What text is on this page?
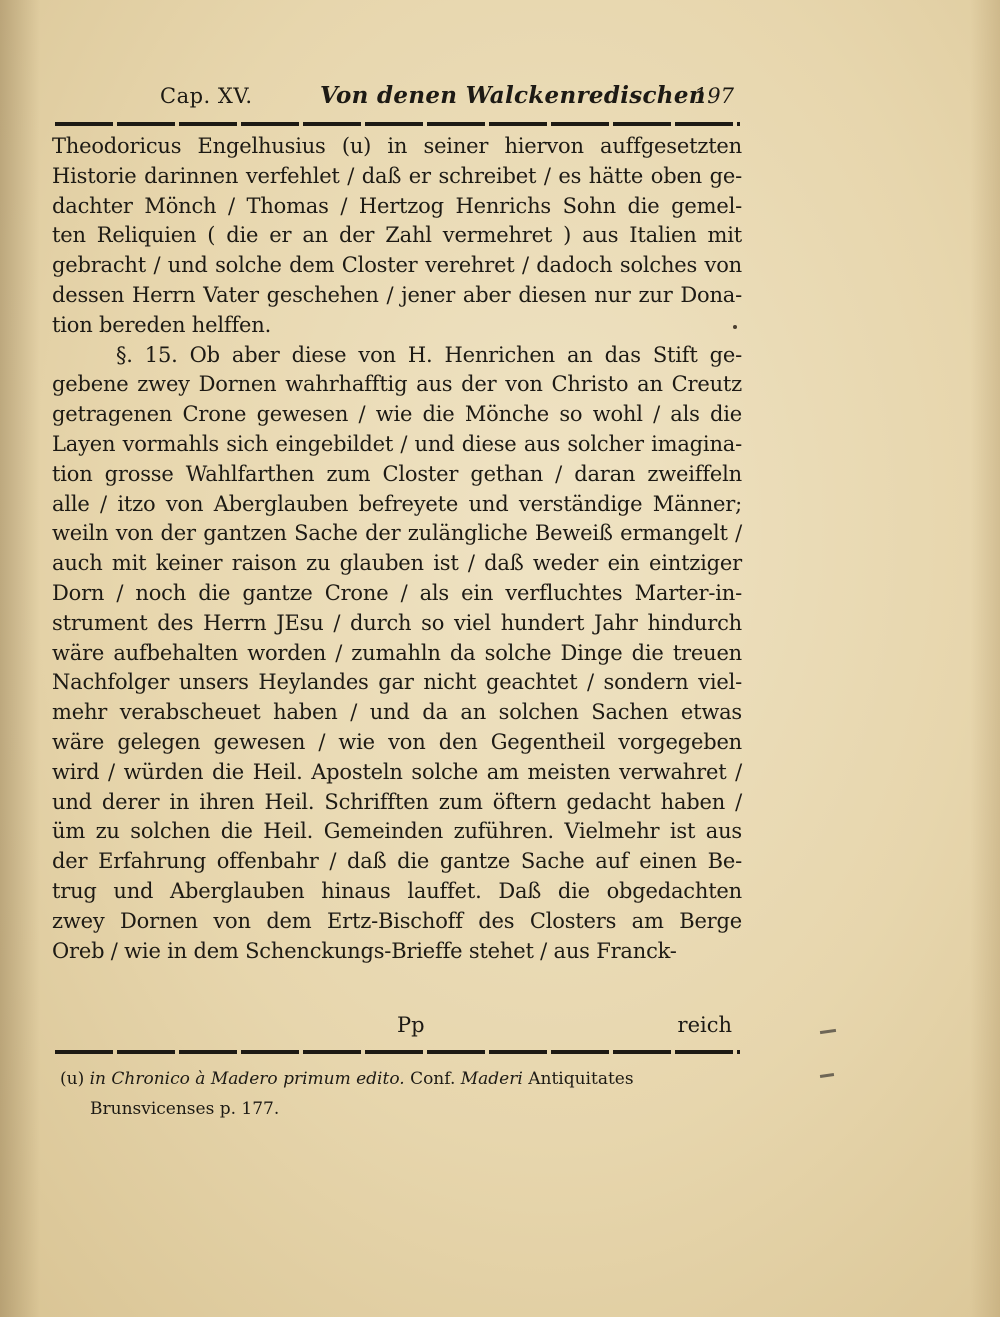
Cap. XV.	Von denen Walckenredischen
197
Theodoricus Engelhusius (u) in seiner hiervon auffgesetzten
Historie darinnen verfehlet / daß er schreibet / es hätte oben ge-
dachter Mönch / Thomas / Hertzog Henrichs Sohn die gemel-
ten Reliquien ( die er an der Zahl vermehret ) aus Italien mit
gebracht / und solche dem Closter verehret / dadoch solches von
dessen Herrn Vater geschehen / jener aber diesen nur zur Dona-
tion bereden helffen.
§. 15. Ob aber diese von H. Henrichen an das Stift ge-
gebene zwey Dornen wahrhafftig aus der von Christo an Creutz
getragenen Crone gewesen / wie die Mönche so wohl / als die
Layen vormahls sich eingebildet / und diese aus solcher imagina-
tion grosse Wahlfarthen zum Closter gethan / daran zweiffeln
alle / itzo von Aberglauben befreyete und verständige Männer;
weiln von der gantzen Sache der zulängliche Beweiß ermangelt /
auch mit keiner raison zu glauben ist / daß weder ein eintziger
Dorn / noch die gantze Crone / als ein verfluchtes Marter-in-
strument des Herrn JEsu / durch so viel hundert Jahr hindurch
wäre aufbehalten worden / zumahln da solche Dinge die treuen
Nachfolger unsers Heylandes gar nicht geachtet / sondern viel-
mehr verabscheuet haben / und da an solchen Sachen etwas
wäre gelegen gewesen / wie von den Gegentheil vorgegeben
wird / würden die Heil. Aposteln solche am meisten verwahret /
und derer in ihren Heil. Schrifften zum öftern gedacht haben /
üm zu solchen die Heil. Gemeinden zuführen. Vielmehr ist aus
der Erfahrung offenbahr / daß die gantze Sache auf einen Be-
trug und Aberglauben hinaus lauffet. Daß die obgedachten
zwey Dornen von dem Ertz-Bischoff des Closters am Berge
Oreb / wie in dem Schenckungs-Brieffe stehet / aus Franck-
Pp	reich
(u) in Chronico à Madero primum edito. Conf. Maderi Antiquitates
Brunsvicenses p. 177.
